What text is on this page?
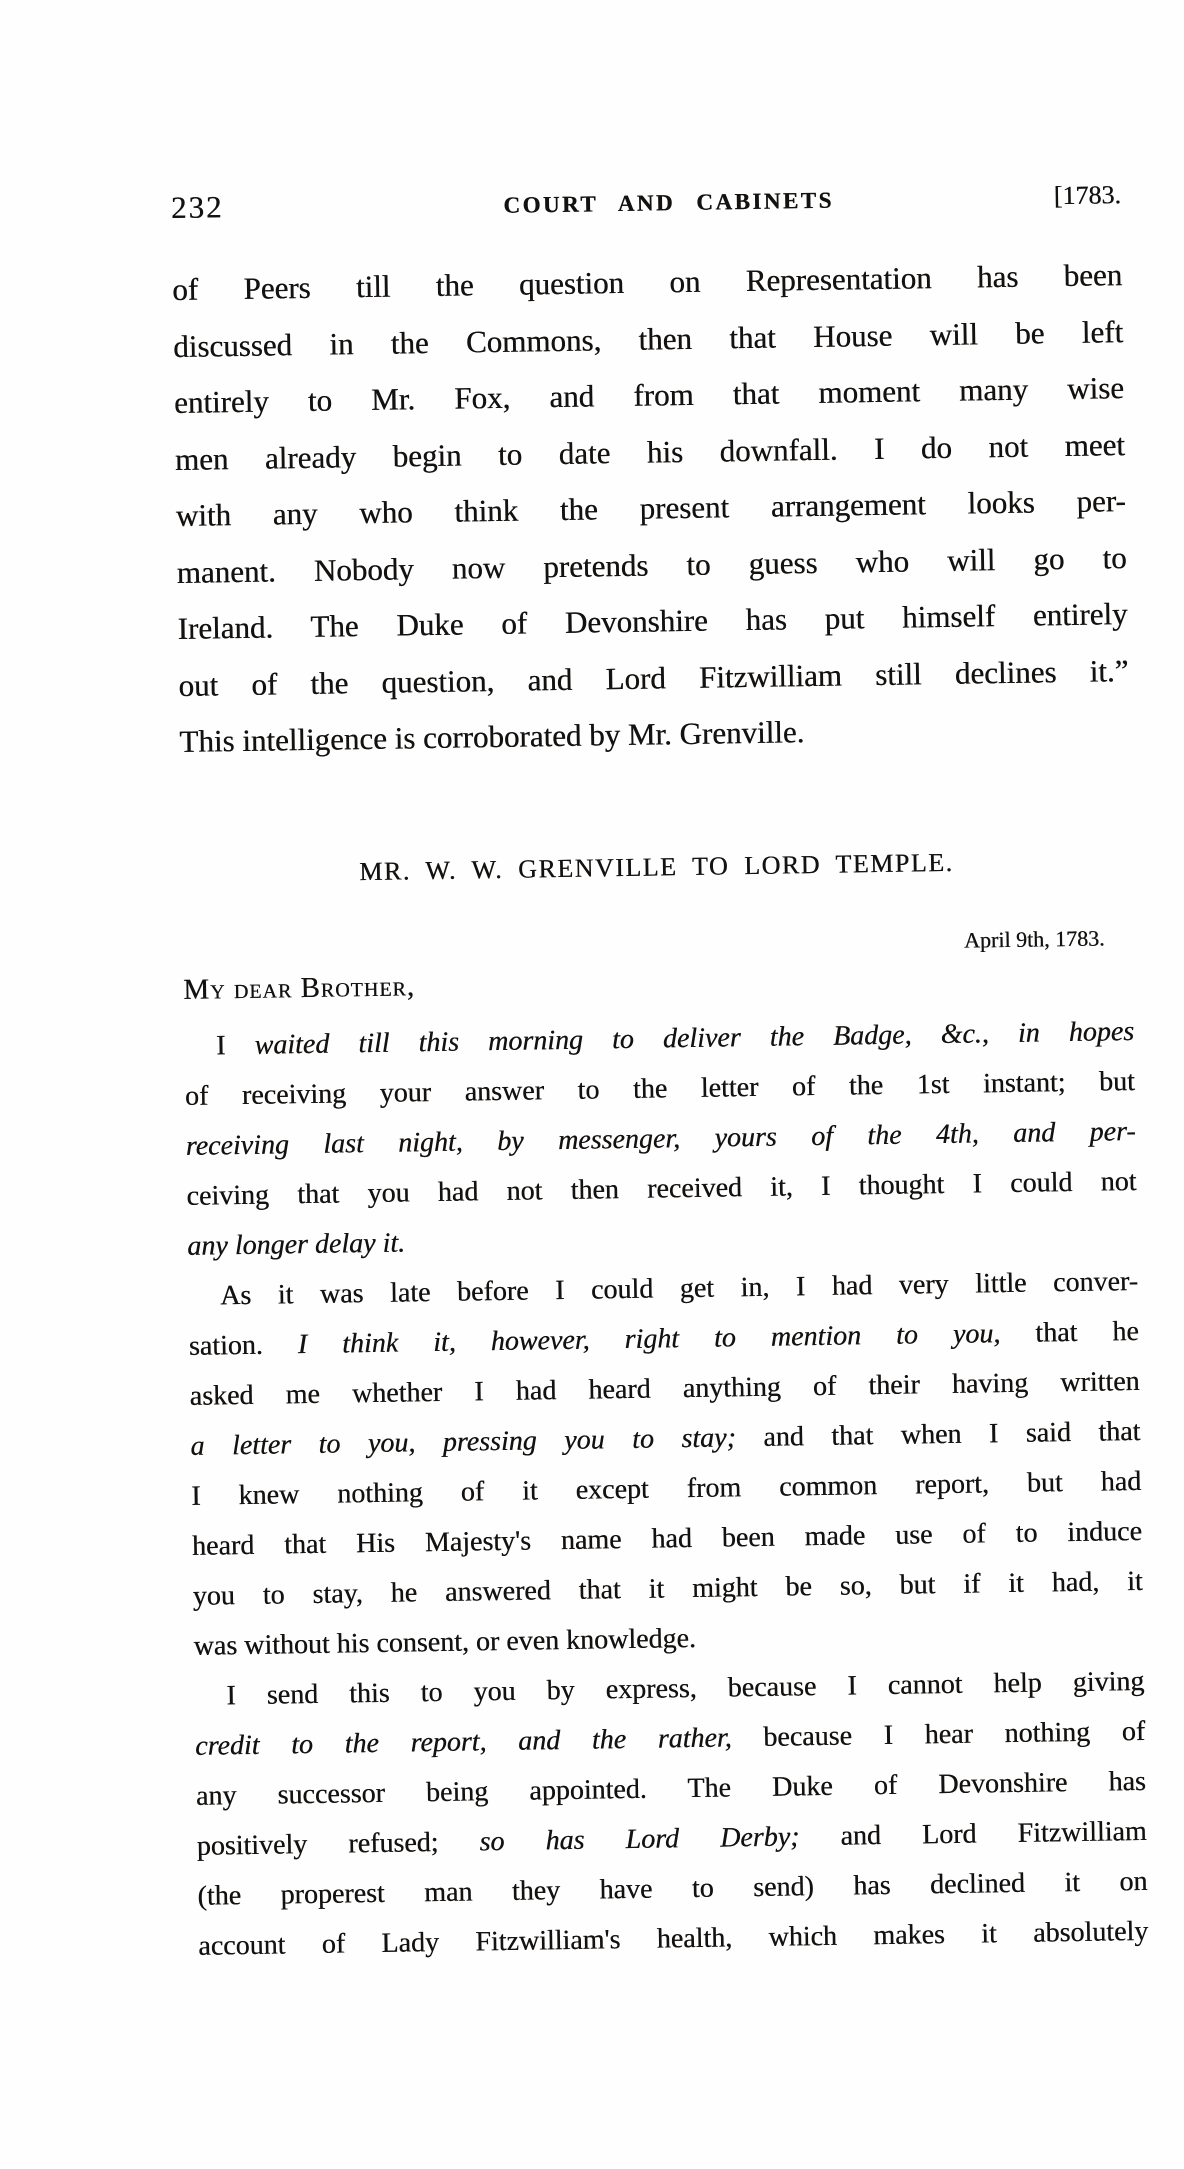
232	COURT AND CABINETS	[1783.
of Peers till the question on Representation has been
discussed in the Commons, then that House will be left
entirely to Mr. Fox, and from that moment many wise
men already begin to date his downfall. I do not meet
with any who think the present arrangement looks per-
manent. Nobody now pretends to guess who will go to
Ireland. The Duke of Devonshire has put himself entirely
out of the question, and Lord Fitzwilliam still declines it.”
This intelligence is corroborated by Mr. Grenville.
MR. W. W. GRENVILLE TO LORD TEMPLE.
April 9th, 1783.
My dear Brother,
I waited till this morning to deliver the Badge, &c., in hopes
of receiving your answer to the letter of the 1st instant; but
receiving last night, by messenger, yours of the 4th, and per-
ceiving that you had not then received it, I thought I could not
any longer delay it.
As it was late before I could get in, I had very little conver-
sation. I think it, however, right to mention to you, that he
asked me whether I had heard anything of their having written
a letter to you, pressing you to stay; and that when I said that
I knew nothing of it except from common report, but had
heard that His Majesty's name had been made use of to induce
you to stay, he answered that it might be so, but if it had, it
was without his consent, or even knowledge.
I send this to you by express, because I cannot help giving
credit to the report, and the rather, because I hear nothing of
any successor being appointed. The Duke of Devonshire has
positively refused; so has Lord Derby; and Lord Fitzwilliam
(the properest man they have to send) has declined it on
account of Lady Fitzwilliam's health, which makes it absolutely
